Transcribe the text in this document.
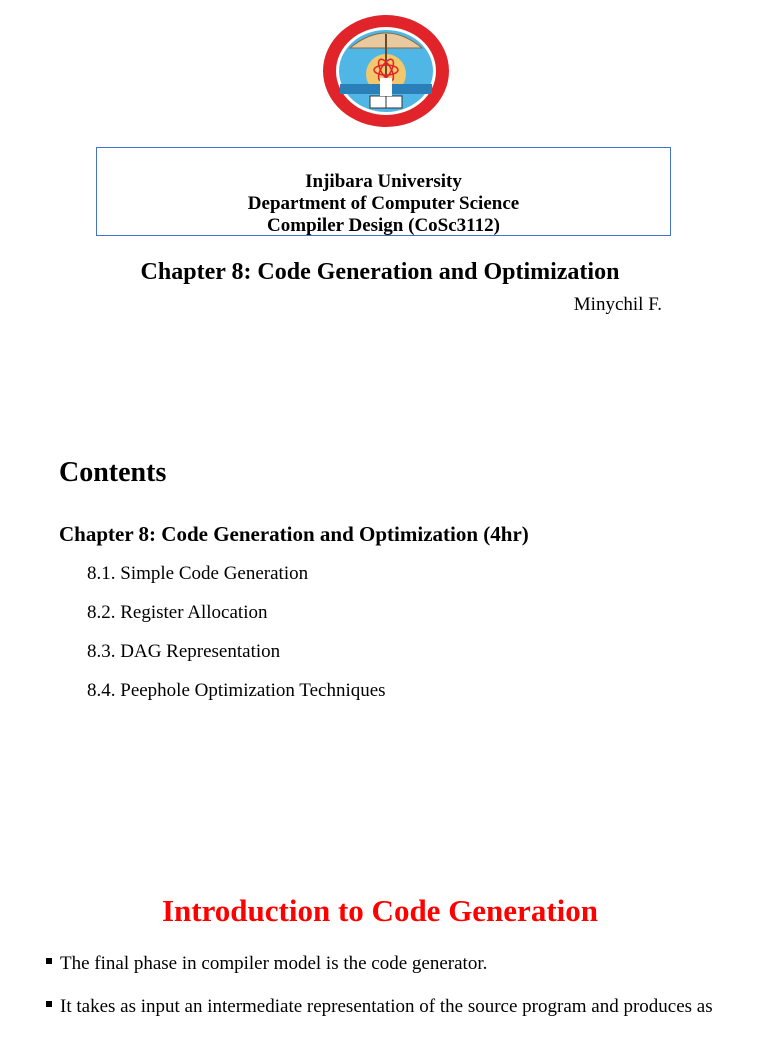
Injibara University
Department of Computer Science
Compiler Design (CoSc3112)
Chapter 8: Code Generation and Optimization
Minychil F.
Contents
Chapter 8: Code Generation and Optimization (4hr)
8.1. Simple Code Generation
8.2. Register Allocation
8.3. DAG Representation
8.4. Peephole Optimization Techniques
Introduction to Code Generation
The final phase in compiler model is the code generator.
It takes as input an intermediate representation of the source program and produces as
